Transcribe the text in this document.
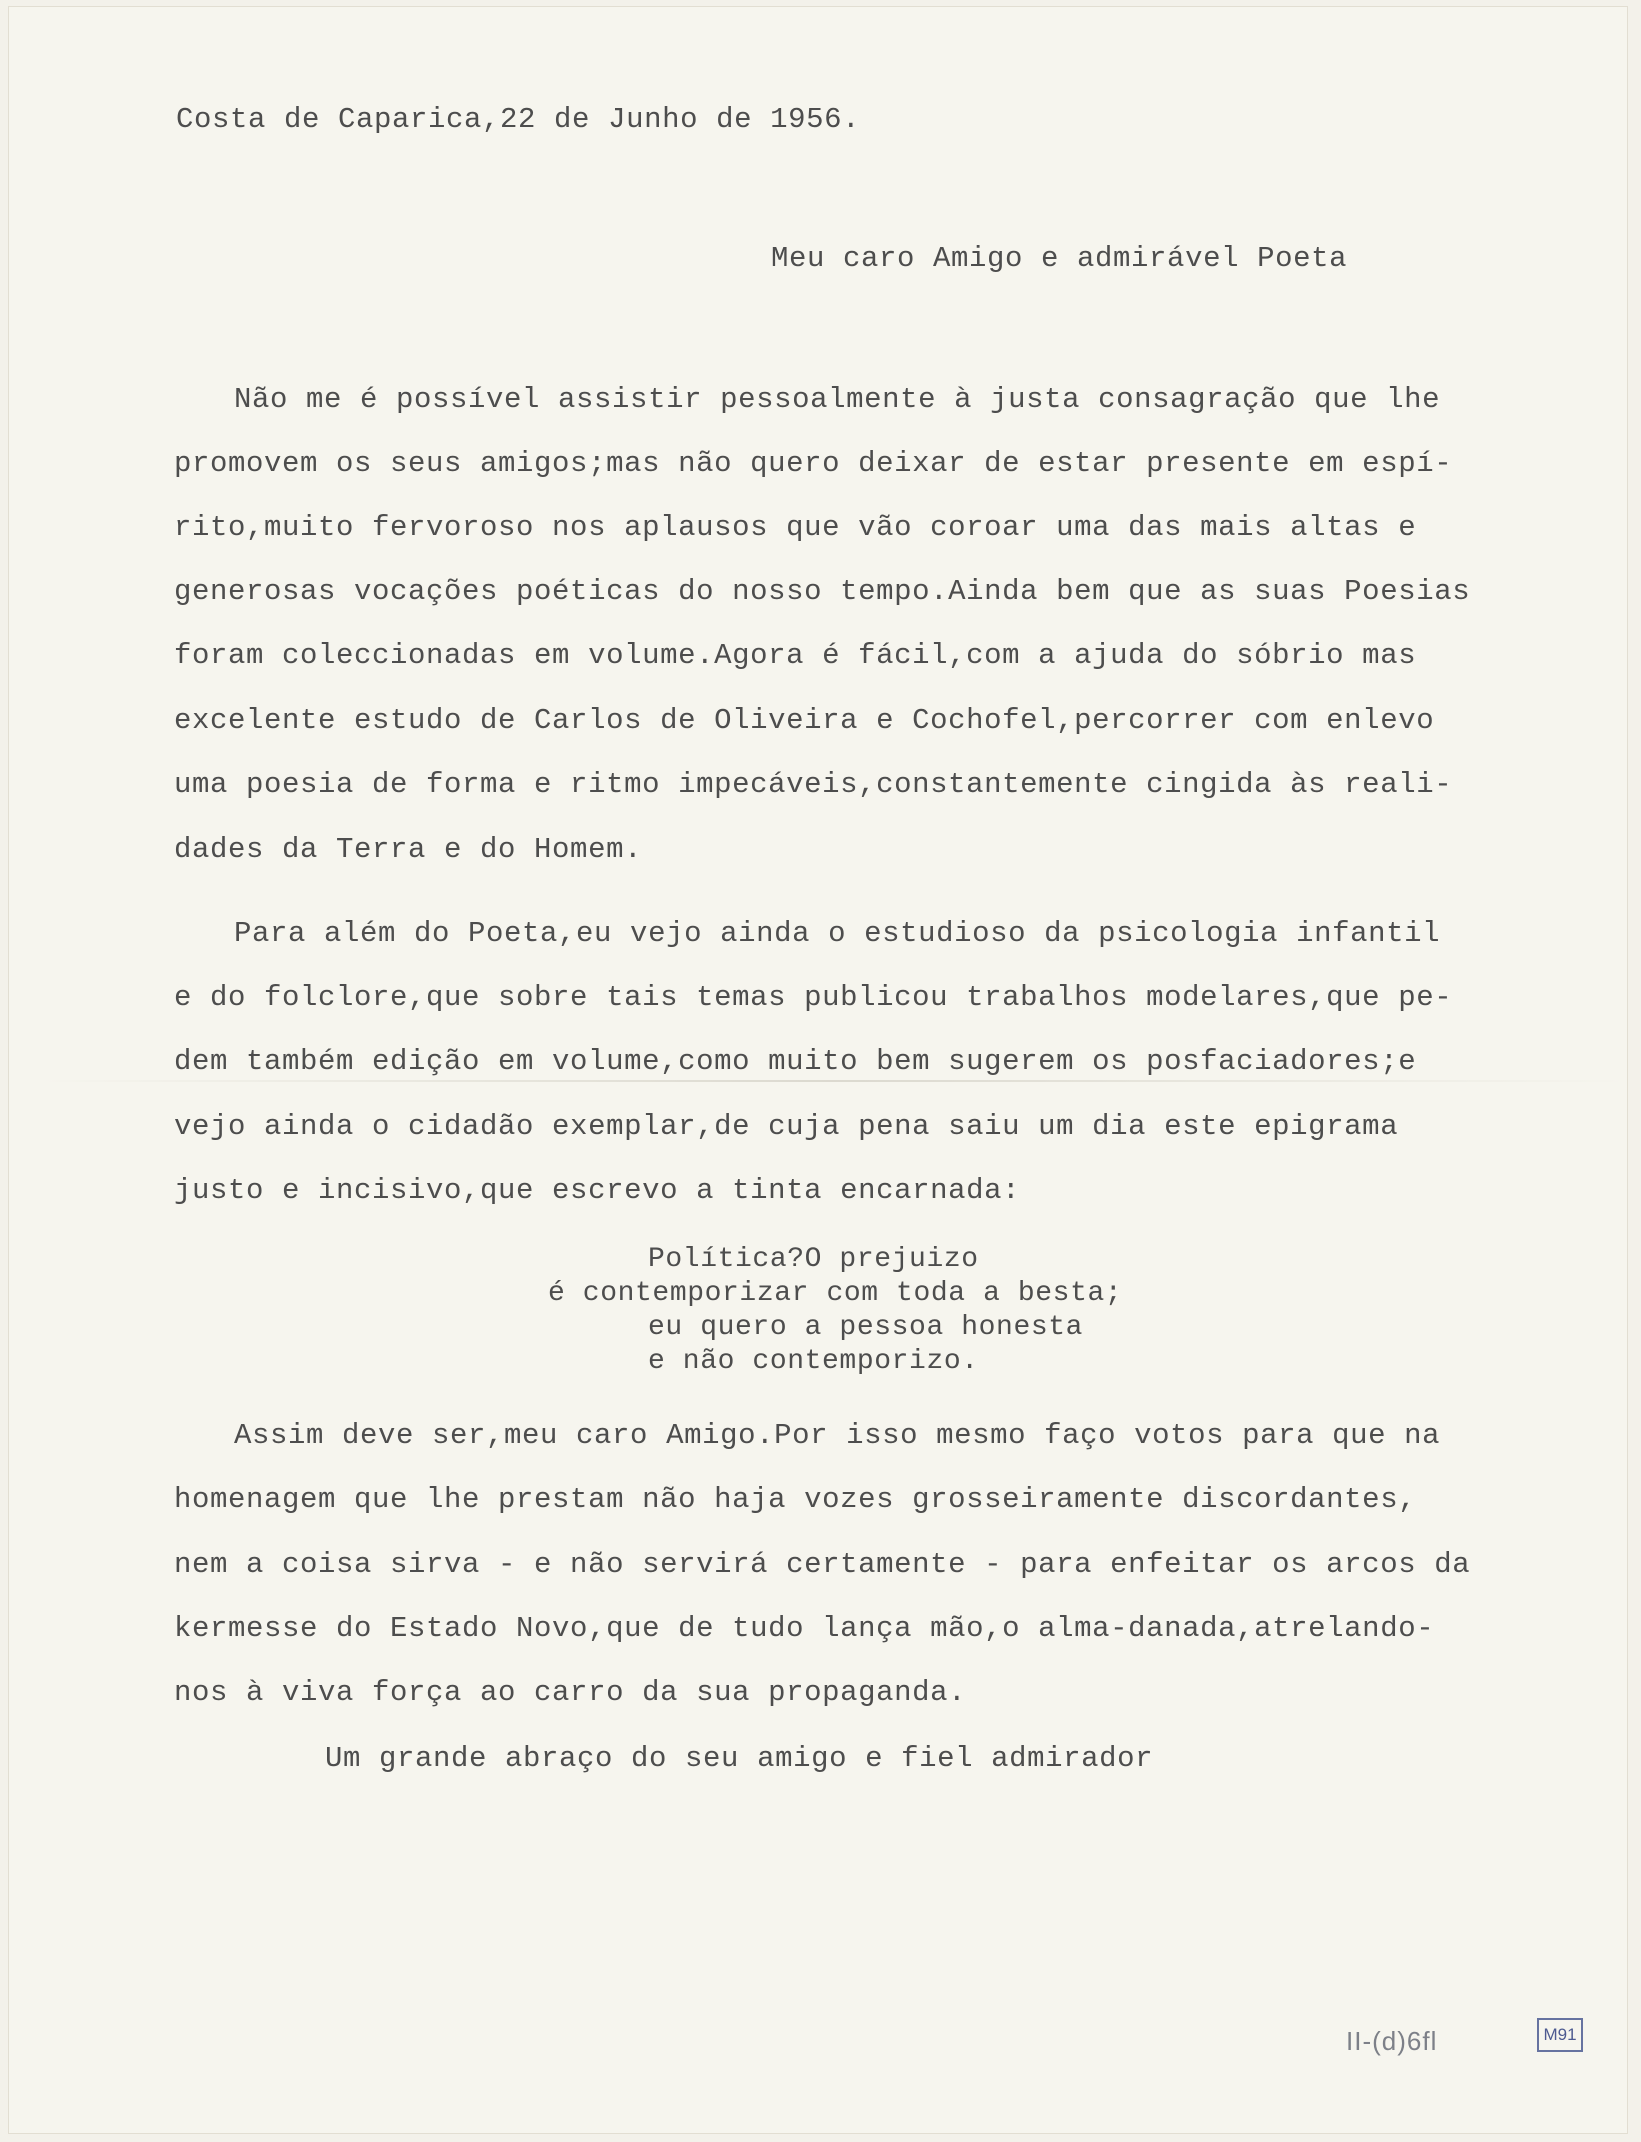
Costa de Caparica,22 de Junho de 1956.
Meu caro Amigo e admirável Poeta
Não me é possível assistir pessoalmente à justa consagração que lhe
promovem os seus amigos;mas não quero deixar de estar presente em espí-
rito,muito fervoroso nos aplausos que vão coroar uma das mais altas e
generosas vocações poéticas do nosso tempo.Ainda bem que as suas Poesias
foram coleccionadas em volume.Agora é fácil,com a ajuda do sóbrio mas
excelente estudo de Carlos de Oliveira e Cochofel,percorrer com enlevo
uma poesia de forma e ritmo impecáveis,constantemente cingida às reali-
dades da Terra e do Homem.
Para além do Poeta,eu vejo ainda o estudioso da psicologia infantil
e do folclore,que sobre tais temas publicou trabalhos modelares,que pe-
dem também edição em volume,como muito bem sugerem os posfaciadores;e
vejo ainda o cidadão exemplar,de cuja pena saiu um dia este epigrama
justo e incisivo,que escrevo a tinta encarnada:
Política?O prejuizo
é contemporizar com toda a besta;
eu quero a pessoa honesta
e não contemporizo.
Assim deve ser,meu caro Amigo.Por isso mesmo faço votos para que na
homenagem que lhe prestam não haja vozes grosseiramente discordantes,
nem a coisa sirva - e não servirá certamente - para enfeitar os arcos da
kermesse do Estado Novo,que de tudo lança mão,o alma-danada,atrelando-
nos à viva força ao carro da sua propaganda.
Um grande abraço do seu amigo e fiel admirador
II-(d)6fl	M91
